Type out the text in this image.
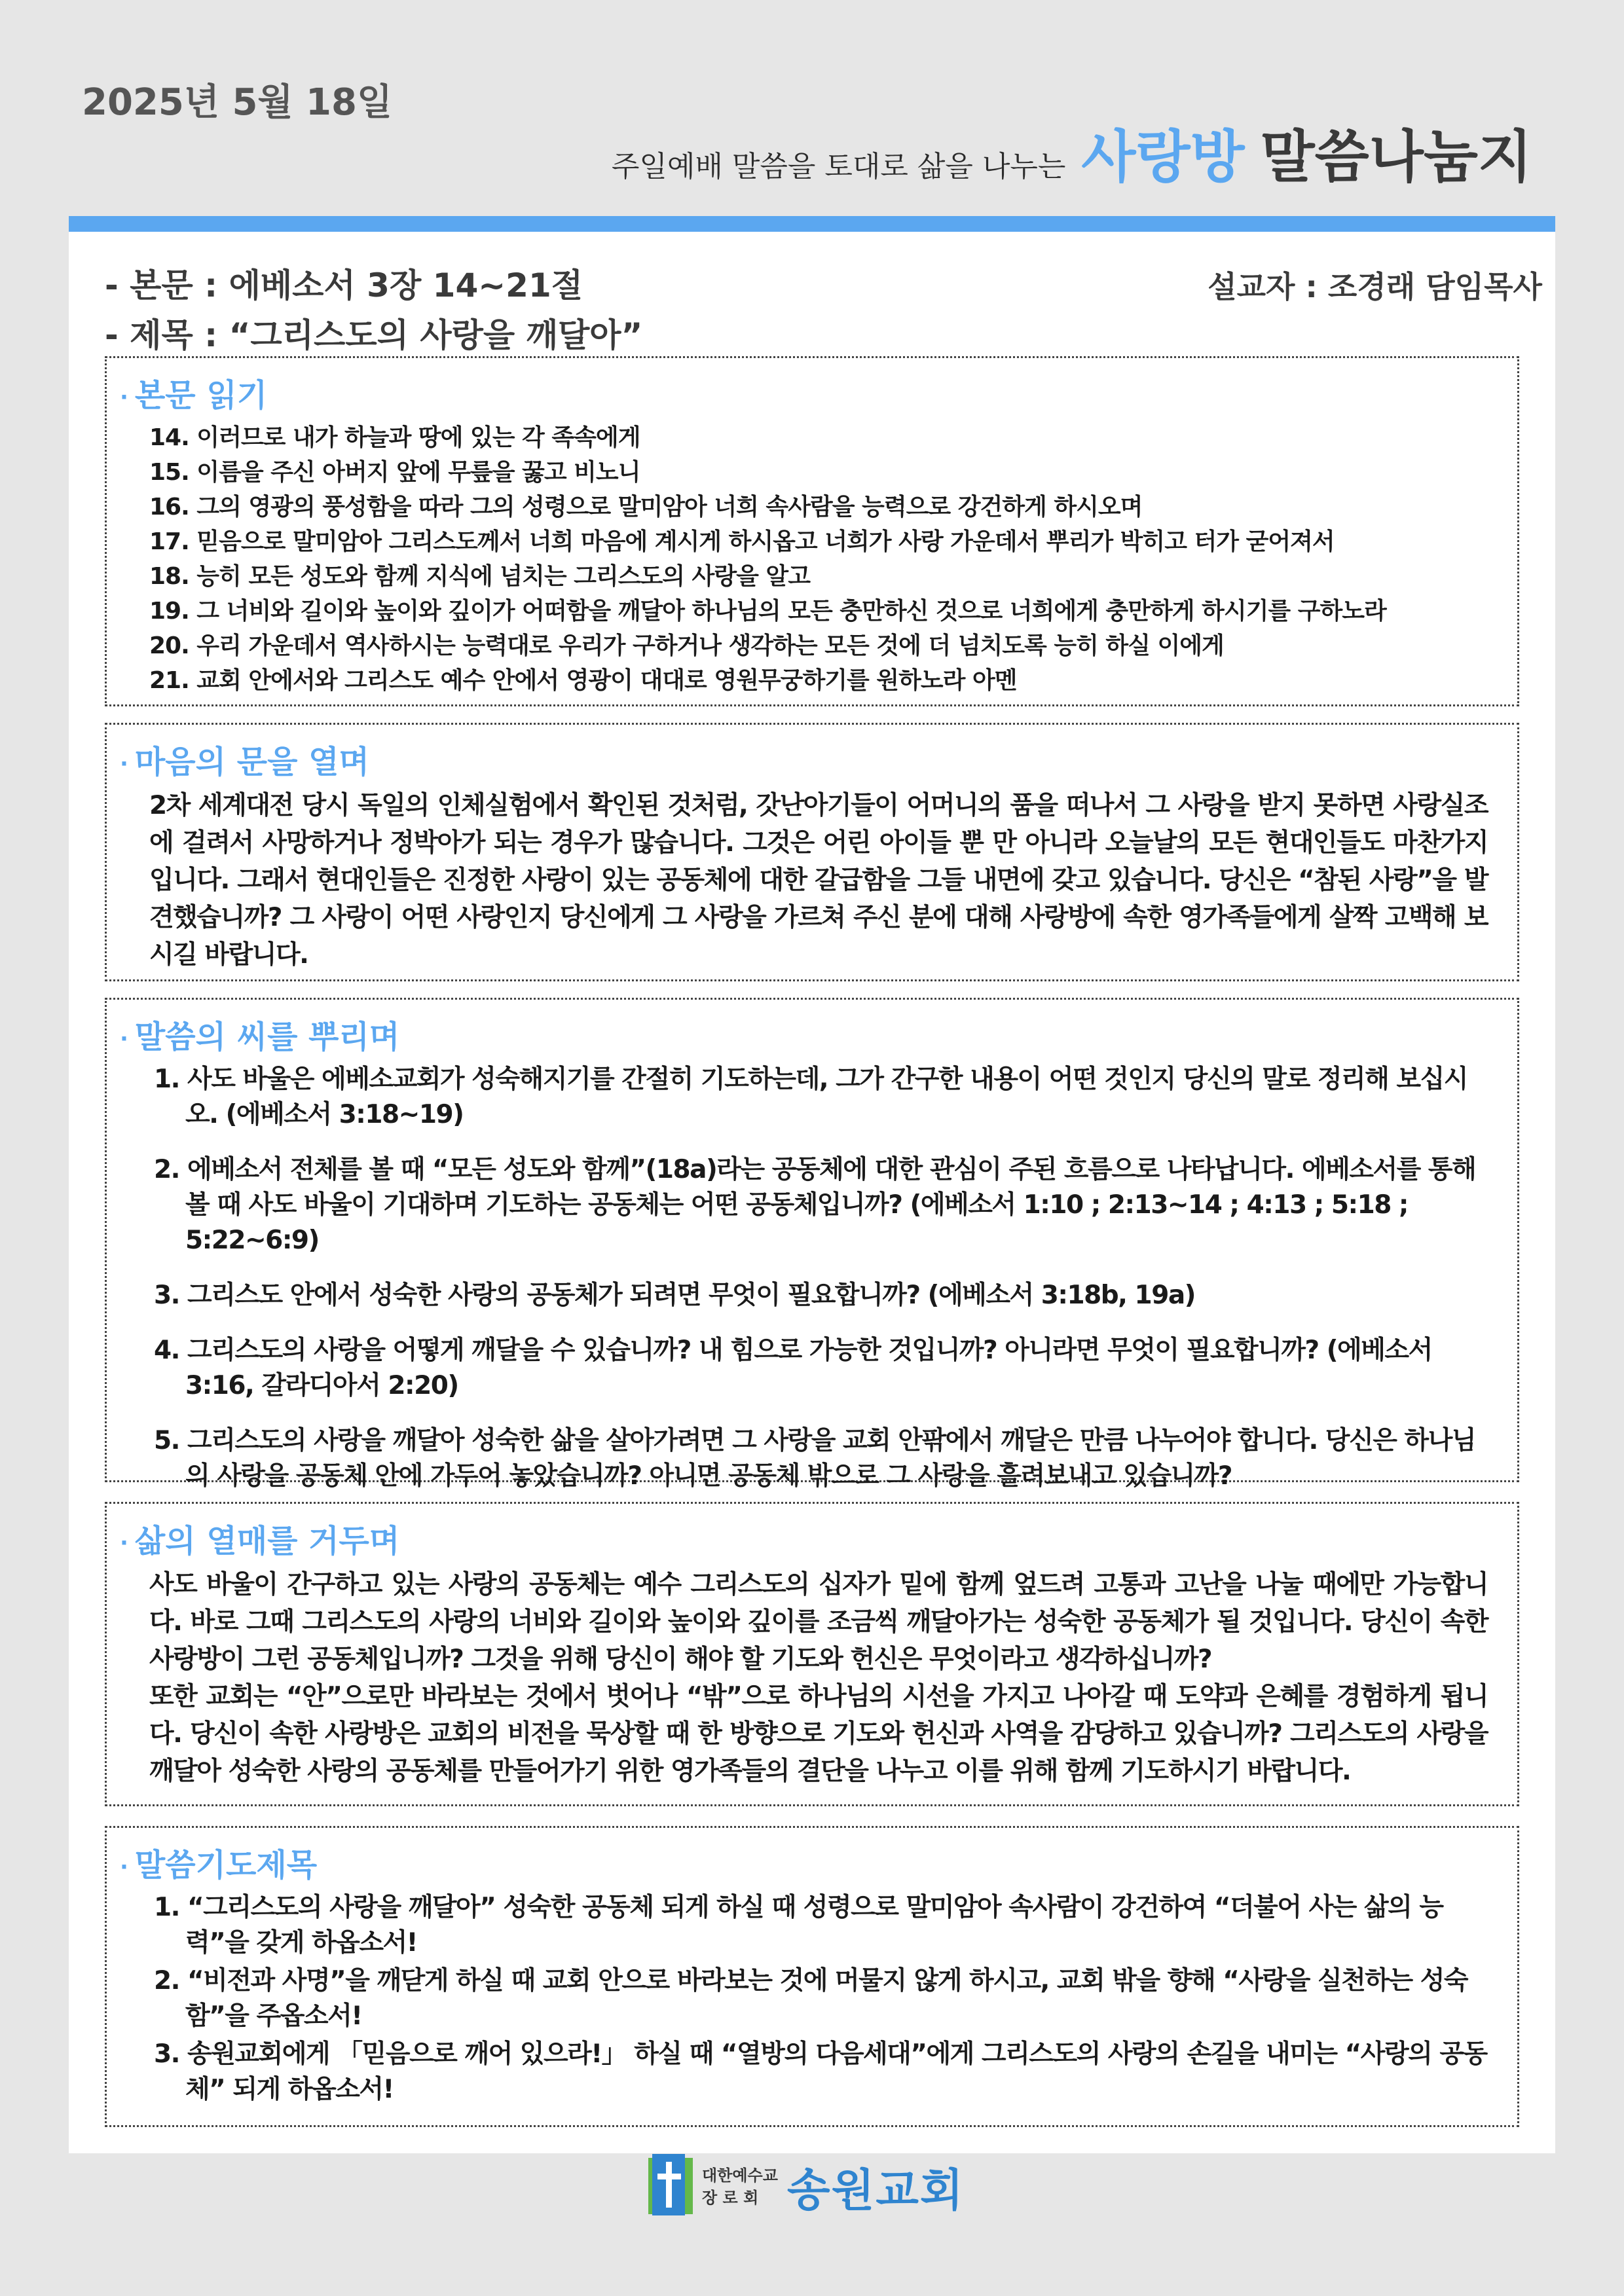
2025년 5월 18일
주일예배 말씀을 토대로 삶을 나누는 사랑방 말씀나눔지
- 본문 : 에베소서 3장 14~21절
- 제목 : “그리스도의 사랑을 깨달아”
설교자 : 조경래 담임목사
· 본문 읽기
14. 이러므로 내가 하늘과 땅에 있는 각 족속에게
15. 이름을 주신 아버지 앞에 무릎을 꿇고 비노니
16. 그의 영광의 풍성함을 따라 그의 성령으로 말미암아 너희 속사람을 능력으로 강건하게 하시오며
17. 믿음으로 말미암아 그리스도께서 너희 마음에 계시게 하시옵고 너희가 사랑 가운데서 뿌리가 박히고 터가 굳어져서
18. 능히 모든 성도와 함께 지식에 넘치는 그리스도의 사랑을 알고
19. 그 너비와 길이와 높이와 깊이가 어떠함을 깨달아 하나님의 모든 충만하신 것으로 너희에게 충만하게 하시기를 구하노라
20. 우리 가운데서 역사하시는 능력대로 우리가 구하거나 생각하는 모든 것에 더 넘치도록 능히 하실 이에게
21. 교회 안에서와 그리스도 예수 안에서 영광이 대대로 영원무궁하기를 원하노라 아멘
· 마음의 문을 열며
2차 세계대전 당시 독일의 인체실험에서 확인된 것처럼, 갓난아기들이 어머니의 품을 떠나서 그 사랑을 받지 못하면 사랑실조에 걸려서 사망하거나 정박아가 되는 경우가 많습니다. 그것은 어린 아이들 뿐 만 아니라 오늘날의 모든 현대인들도 마찬가지입니다. 그래서 현대인들은 진정한 사랑이 있는 공동체에 대한 갈급함을 그들 내면에 갖고 있습니다. 당신은 “참된 사랑”을 발견했습니까? 그 사랑이 어떤 사랑인지 당신에게 그 사랑을 가르쳐 주신 분에 대해 사랑방에 속한 영가족들에게 살짝 고백해 보시길 바랍니다.
· 말씀의 씨를 뿌리며
1. 사도 바울은 에베소교회가 성숙해지기를 간절히 기도하는데, 그가 간구한 내용이 어떤 것인지 당신의 말로 정리해 보십시오. (에베소서 3:18~19)
2. 에베소서 전체를 볼 때 “모든 성도와 함께”(18a)라는 공동체에 대한 관심이 주된 흐름으로 나타납니다. 에베소서를 통해 볼 때 사도 바울이 기대하며 기도하는 공동체는 어떤 공동체입니까? (에베소서 1:10 ; 2:13~14 ; 4:13 ; 5:18 ; 5:22~6:9)
3. 그리스도 안에서 성숙한 사랑의 공동체가 되려면 무엇이 필요합니까? (에베소서 3:18b, 19a)
4. 그리스도의 사랑을 어떻게 깨달을 수 있습니까? 내 힘으로 가능한 것입니까? 아니라면 무엇이 필요합니까? (에베소서 3:16, 갈라디아서 2:20)
5. 그리스도의 사랑을 깨달아 성숙한 삶을 살아가려면 그 사랑을 교회 안팎에서 깨달은 만큼 나누어야 합니다. 당신은 하나님의 사랑을 공동체 안에 가두어 놓았습니까? 아니면 공동체 밖으로 그 사랑을 흘려보내고 있습니까?
· 삶의 열매를 거두며
사도 바울이 간구하고 있는 사랑의 공동체는 예수 그리스도의 십자가 밑에 함께 엎드려 고통과 고난을 나눌 때에만 가능합니다. 바로 그때 그리스도의 사랑의 너비와 길이와 높이와 깊이를 조금씩 깨달아가는 성숙한 공동체가 될 것입니다. 당신이 속한 사랑방이 그런 공동체입니까? 그것을 위해 당신이 해야 할 기도와 헌신은 무엇이라고 생각하십니까?
또한 교회는 “안”으로만 바라보는 것에서 벗어나 “밖”으로 하나님의 시선을 가지고 나아갈 때 도약과 은혜를 경험하게 됩니다. 당신이 속한 사랑방은 교회의 비전을 묵상할 때 한 방향으로 기도와 헌신과 사역을 감당하고 있습니까? 그리스도의 사랑을 깨달아 성숙한 사랑의 공동체를 만들어가기 위한 영가족들의 결단을 나누고 이를 위해 함께 기도하시기 바랍니다.
· 말씀기도제목
1. “그리스도의 사랑을 깨달아” 성숙한 공동체 되게 하실 때 성령으로 말미암아 속사람이 강건하여 “더불어 사는 삶의 능력”을 갖게 하옵소서!
2. “비전과 사명”을 깨닫게 하실 때 교회 안으로 바라보는 것에 머물지 않게 하시고, 교회 밖을 향해 “사랑을 실천하는 성숙함”을 주옵소서!
3. 송원교회에게 「믿음으로 깨어 있으라!」 하실 때 “열방의 다음세대”에게 그리스도의 사랑의 손길을 내미는 “사랑의 공동체” 되게 하옵소서!
대한예수교
장 로 회 송원교회
